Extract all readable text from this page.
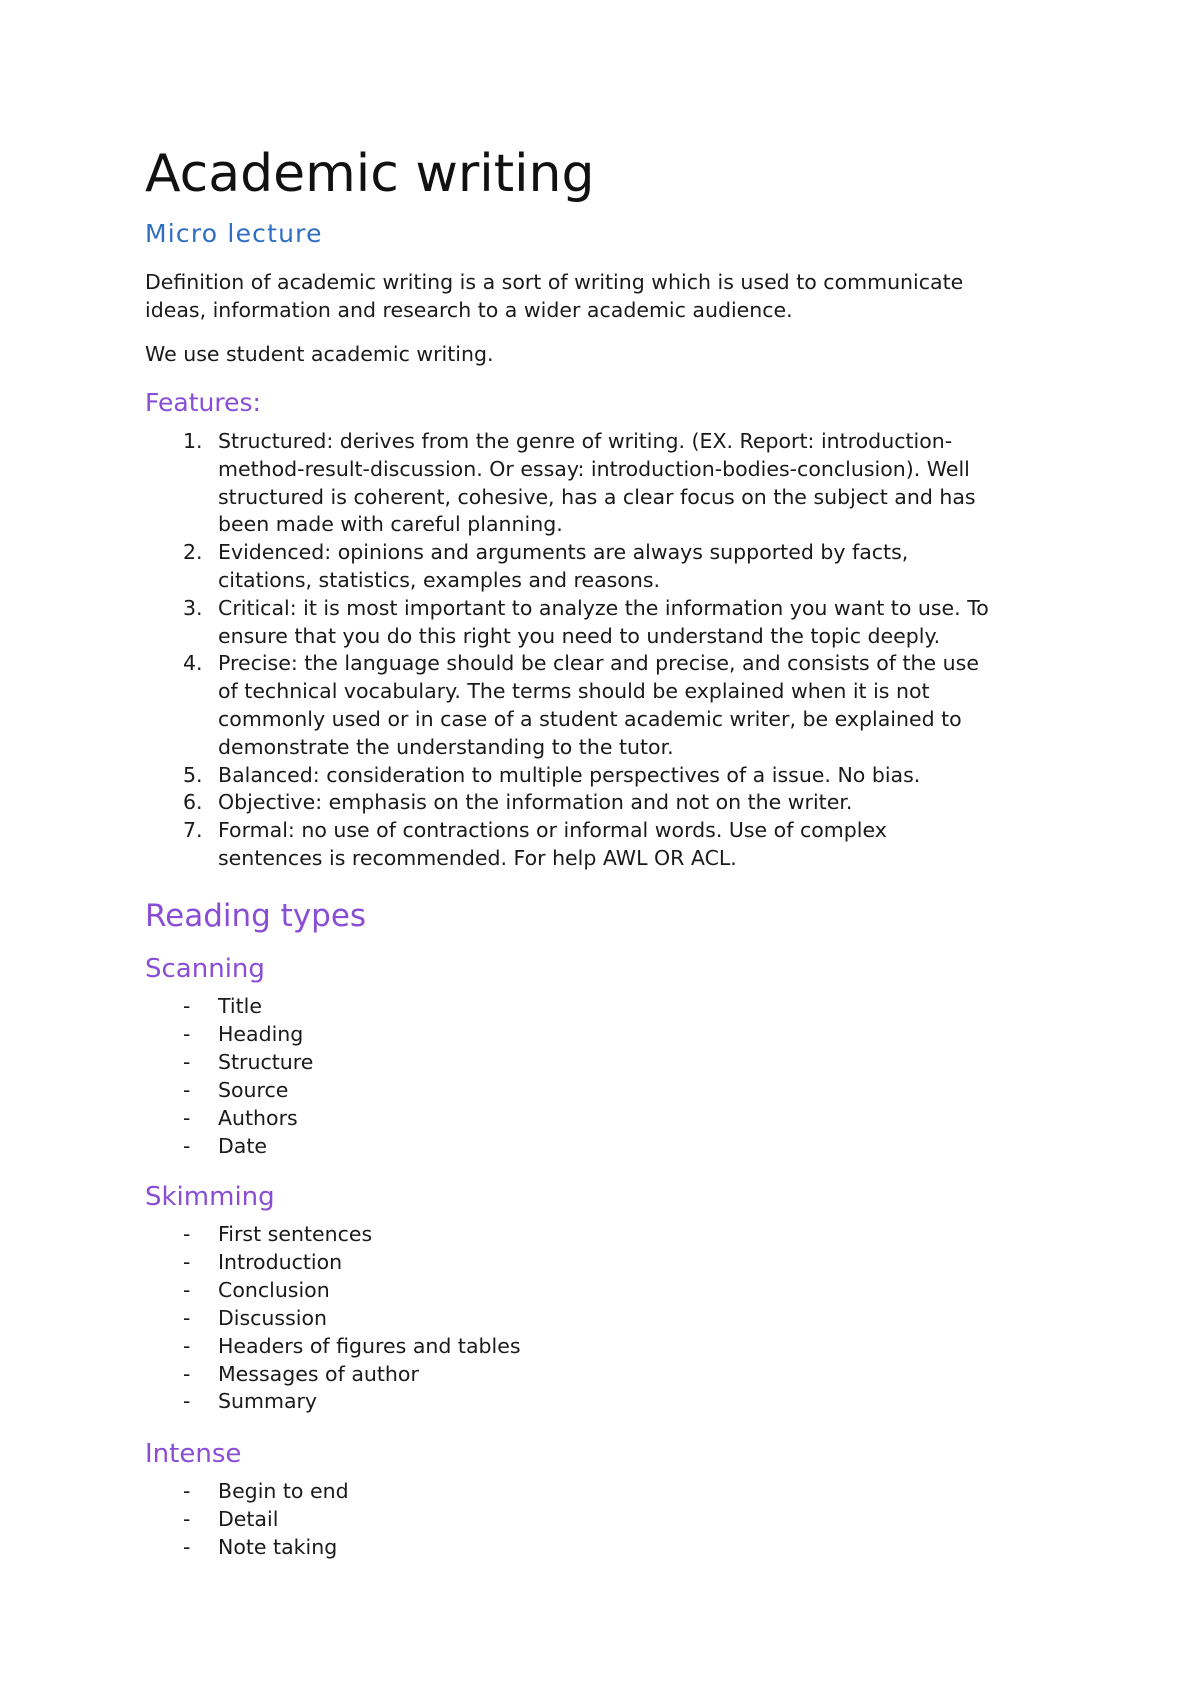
Academic writing
Micro lecture

Definition of academic writing is a sort of writing which is used to communicate
ideas, information and research to a wider academic audience.

We use student academic writing.

Features:
1. Structured: derives from the genre of writing. (EX. Report: introduction-
method-result-discussion. Or essay: introduction-bodies-conclusion). Well
structured is coherent, cohesive, has a clear focus on the subject and has
been made with careful planning.
2. Evidenced: opinions and arguments are always supported by facts,
citations, statistics, examples and reasons.
3. Critical: it is most important to analyze the information you want to use. To
ensure that you do this right you need to understand the topic deeply.
4. Precise: the language should be clear and precise, and consists of the use
of technical vocabulary. The terms should be explained when it is not
commonly used or in case of a student academic writer, be explained to
demonstrate the understanding to the tutor.
5. Balanced: consideration to multiple perspectives of a issue. No bias.
6. Objective: emphasis on the information and not on the writer.
7. Formal: no use of contractions or informal words. Use of complex
sentences is recommended. For help AWL OR ACL.
Reading types
Scanning
- Title
- Heading
- Structure
- Source
- Authors
- Date
Skimming
- First sentences
- Introduction
- Conclusion
- Discussion
- Headers of figures and tables
- Messages of author
- Summary
Intense
- Begin to end
- Detail
- Note taking
